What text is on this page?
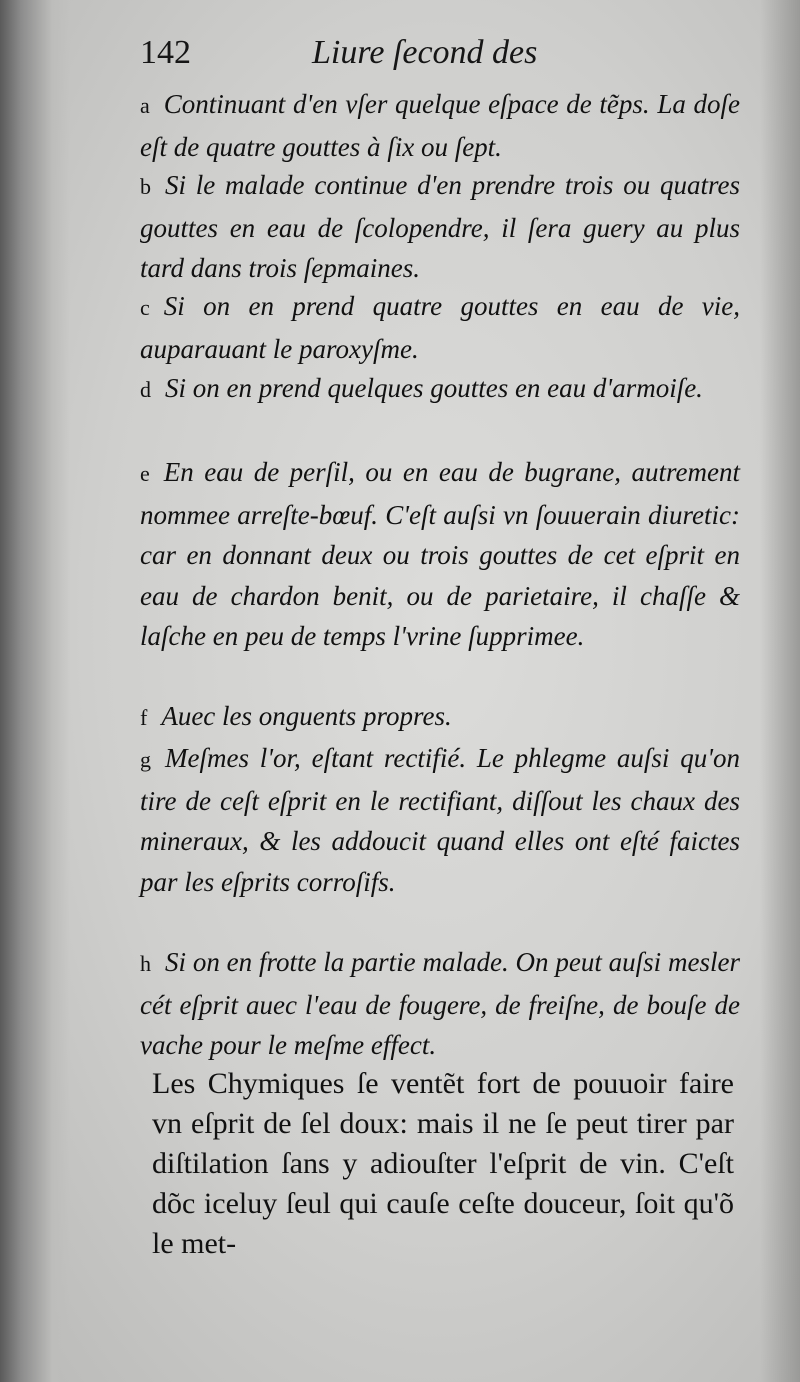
142	Liure ſecond des
a Continuant d'en vſer quelque eſpace de tẽps. La doſe eſt de quatre gouttes à ſix ou ſept.
b Si le malade continue d'en prendre trois ou quatres gouttes en eau de ſcolopendre, il ſera guery au plus tard dans trois ſepmaines.
c Si on en prend quatre gouttes en eau de vie, auparauant le paroxyſme.
d Si on en prend quelques gouttes en eau d'armoiſe.
e En eau de perſil, ou en eau de bugrane, autrement nommee arreſte-bœuf. C'eſt auſsi vn ſouuerain diuretic: car en donnant deux ou trois gouttes de cet eſprit en eau de chardon benit, ou de parietaire, il chaſſe & laſche en peu de temps l'vrine ſupprimee.
f Auec les onguents propres.
g Meſmes l'or, eſtant rectifié. Le phlegme auſsi qu'on tire de ceſt eſprit en le rectifiant, diſſout les chaux des mineraux, & les addoucit quand elles ont eſté faictes par les eſprits corroſifs.
h Si on en frotte la partie malade. On peut auſsi mesler cét eſprit auec l'eau de fougere, de freiſne, de bouſe de vache pour le meſme effect.
Les Chymiques ſe ventẽt fort de pouuoir faire vn eſprit de ſel doux: mais il ne ſe peut tirer par diſtilation ſans y adiouſter l'eſprit de vin. C'eſt dõc iceluy ſeul qui cauſe ceſte douceur, ſoit qu'õ le met-
